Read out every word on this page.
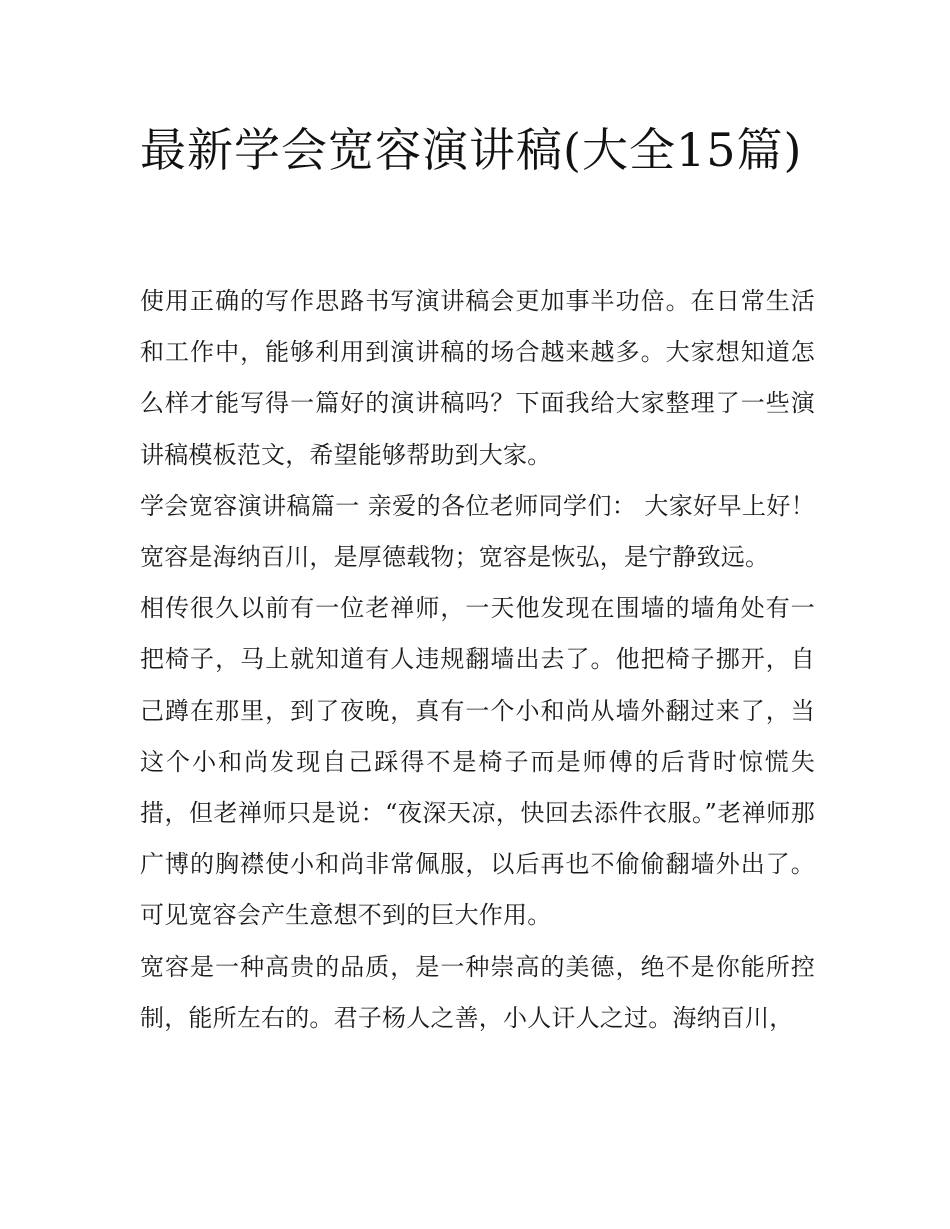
最新学会宽容演讲稿(大全15篇)

使用正确的写作思路书写演讲稿会更加事半功倍。在日常生活和工作中，能够利用到演讲稿的场合越来越多。大家想知道怎么样才能写得一篇好的演讲稿吗？下面我给大家整理了一些演讲稿模板范文，希望能够帮助到大家。

学会宽容演讲稿篇一 亲爱的各位老师同学们： 大家好早上好！ 宽容是海纳百川，是厚德载物；宽容是恢弘，是宁静致远。

相传很久以前有一位老禅师，一天他发现在围墙的墙角处有一把椅子，马上就知道有人违规翻墙出去了。他把椅子挪开，自己蹲在那里，到了夜晚，真有一个小和尚从墙外翻过来了，当这个小和尚发现自己踩得不是椅子而是师傅的后背时惊慌失措，但老禅师只是说：“夜深天凉，快回去添件衣服。”老禅师那广博的胸襟使小和尚非常佩服，以后再也不偷偷翻墙外出了。可见宽容会产生意想不到的巨大作用。

宽容是一种高贵的品质，是一种崇高的美德，绝不是你能所控制，能所左右的。君子杨人之善，小人讦人之过。海纳百川，
